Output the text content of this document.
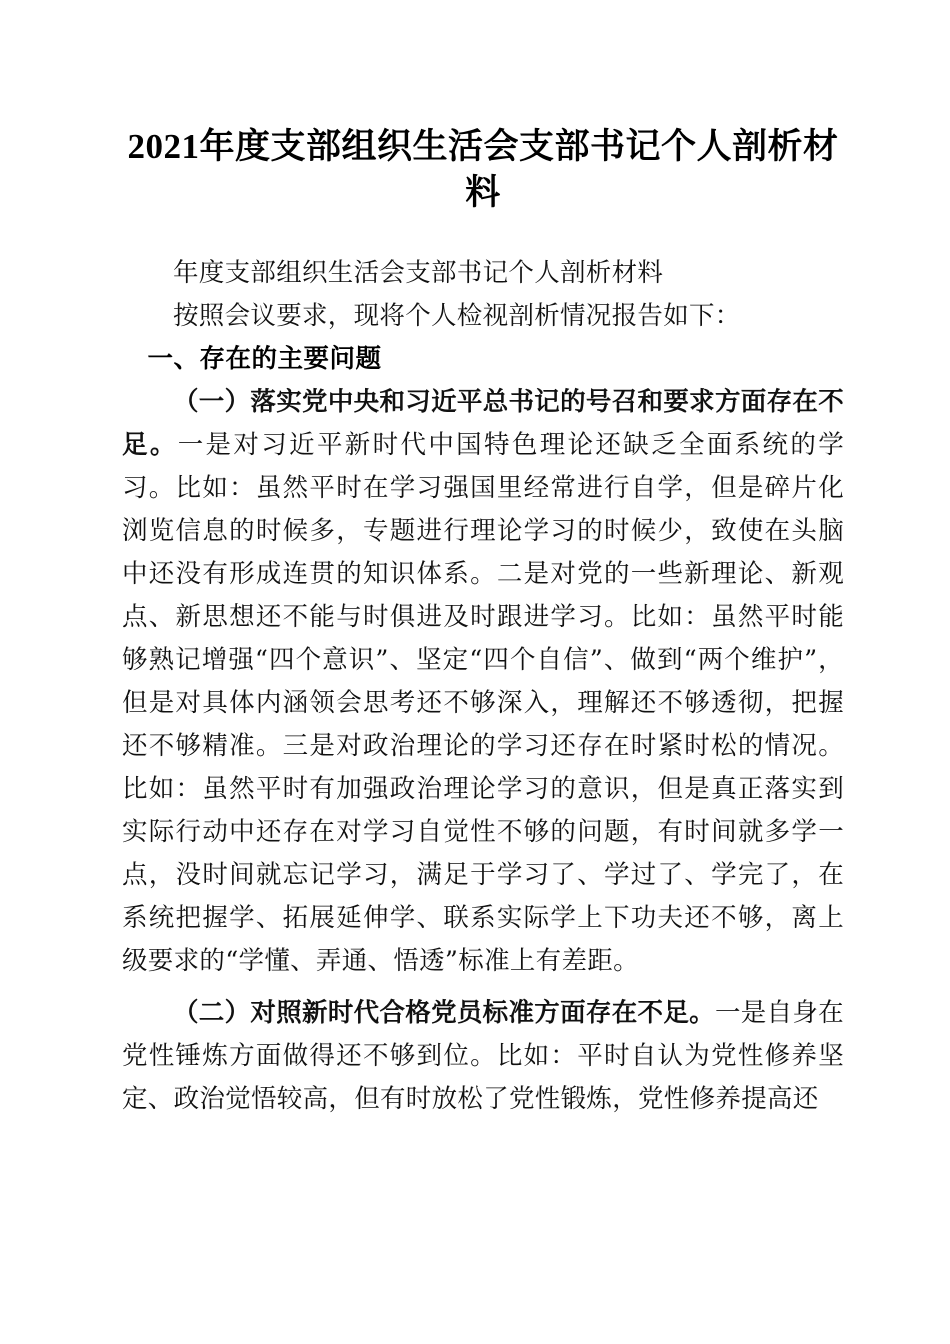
2021年度支部组织生活会支部书记个人剖析材料

年度支部组织生活会支部书记个人剖析材料

按照会议要求，现将个人检视剖析情况报告如下：

一、存在的主要问题

（一）落实党中央和习近平总书记的号召和要求方面存在不足。一是对习近平新时代中国特色理论还缺乏全面系统的学习。比如：虽然平时在学习强国里经常进行自学，但是碎片化浏览信息的时候多，专题进行理论学习的时候少，致使在头脑中还没有形成连贯的知识体系。二是对党的一些新理论、新观点、新思想还不能与时俱进及时跟进学习。比如：虽然平时能够熟记增强“四个意识”、坚定“四个自信”、做到“两个维护”，但是对具体内涵领会思考还不够深入，理解还不够透彻，把握还不够精准。三是对政治理论的学习还存在时紧时松的情况。比如：虽然平时有加强政治理论学习的意识，但是真正落实到实际行动中还存在对学习自觉性不够的问题，有时间就多学一点，没时间就忘记学习，满足于学习了、学过了、学完了，在系统把握学、拓展延伸学、联系实际学上下功夫还不够，离上级要求的“学懂、弄通、悟透”标准上有差距。

（二）对照新时代合格党员标准方面存在不足。一是自身在党性锤炼方面做得还不够到位。比如：平时自认为党性修养坚定、政治觉悟较高，但有时放松了党性锻炼，党性修养提高还
